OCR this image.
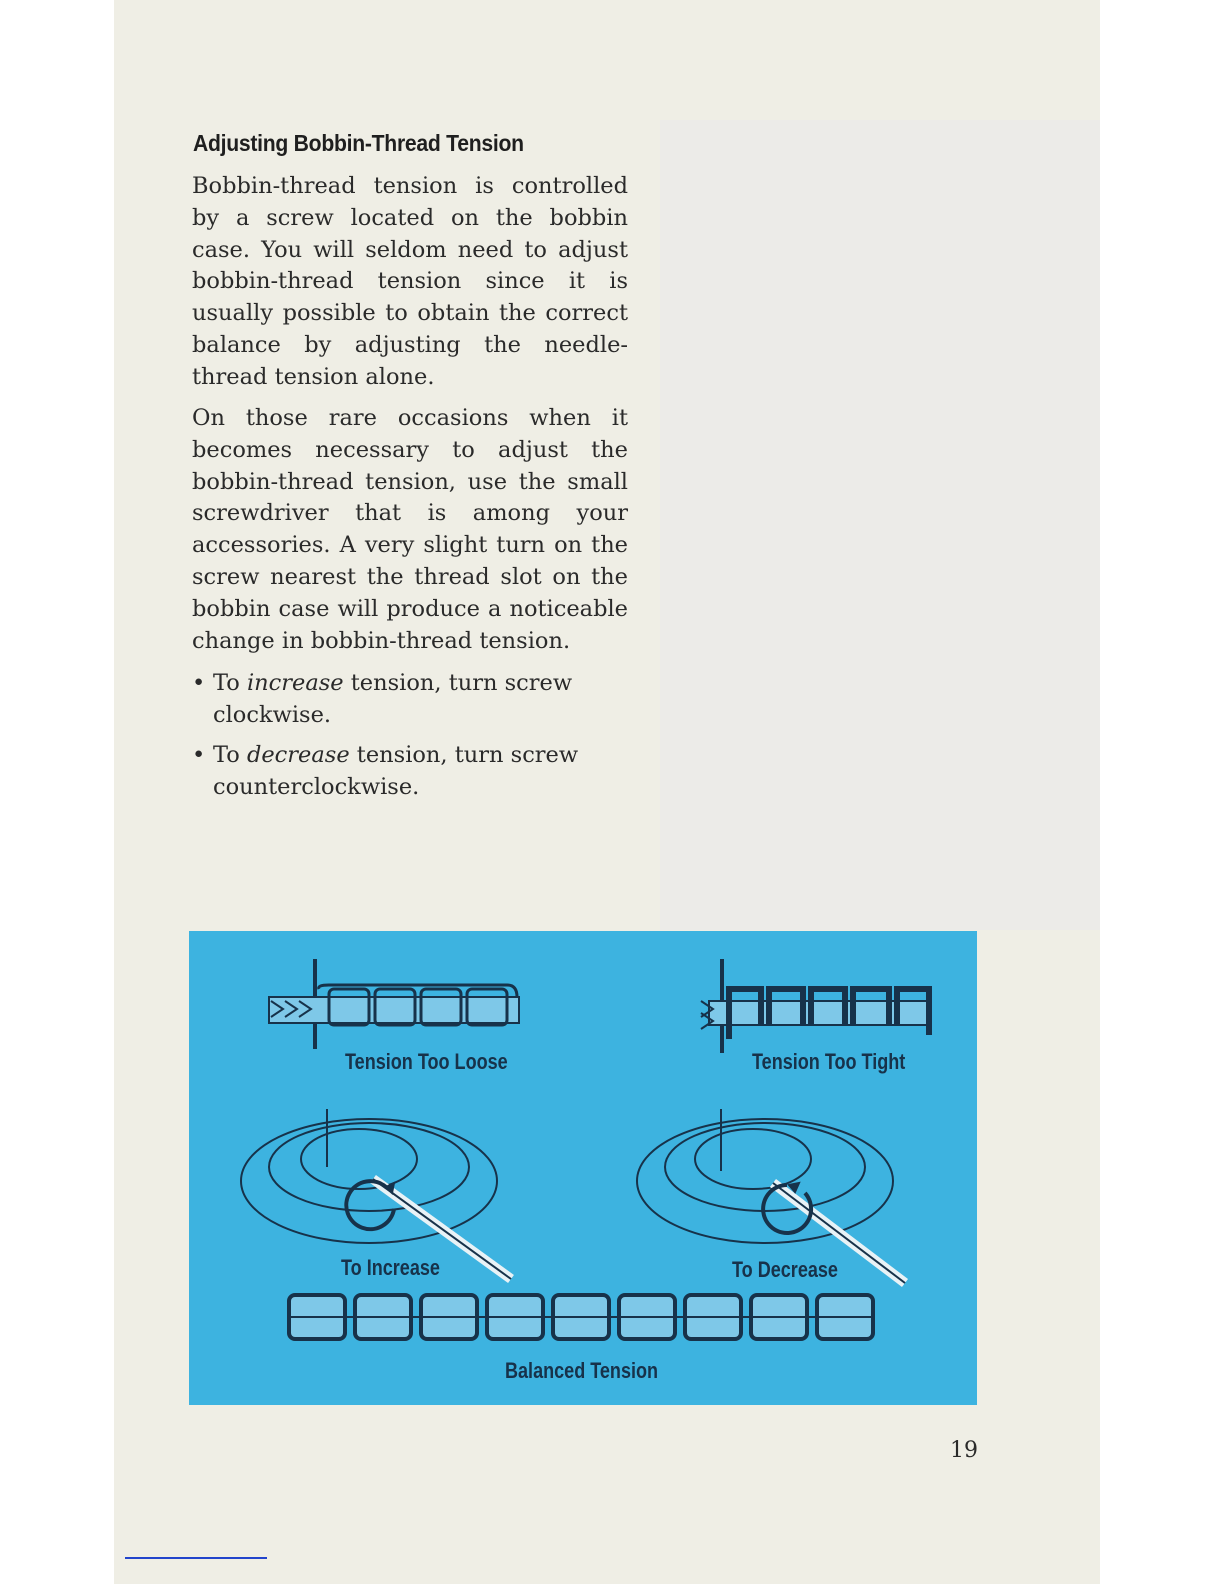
Adjusting Bobbin-Thread Tension

Bobbin-thread tension is controlled by a screw located on the bobbin case. You will seldom need to adjust bobbin-thread tension since it is usually possible to obtain the correct balance by adjusting the needle-thread tension alone.

On those rare occasions when it becomes necessary to adjust the bobbin-thread tension, use the small screwdriver that is among your accessories. A very slight turn on the screw nearest the thread slot on the bobbin case will produce a noticeable change in bobbin-thread tension.

• To increase tension, turn screw clockwise.
• To decrease tension, turn screw counterclockwise.
Tension Too Loose	Tension Too Tight
To Increase	To Decrease
Balanced Tension
19
